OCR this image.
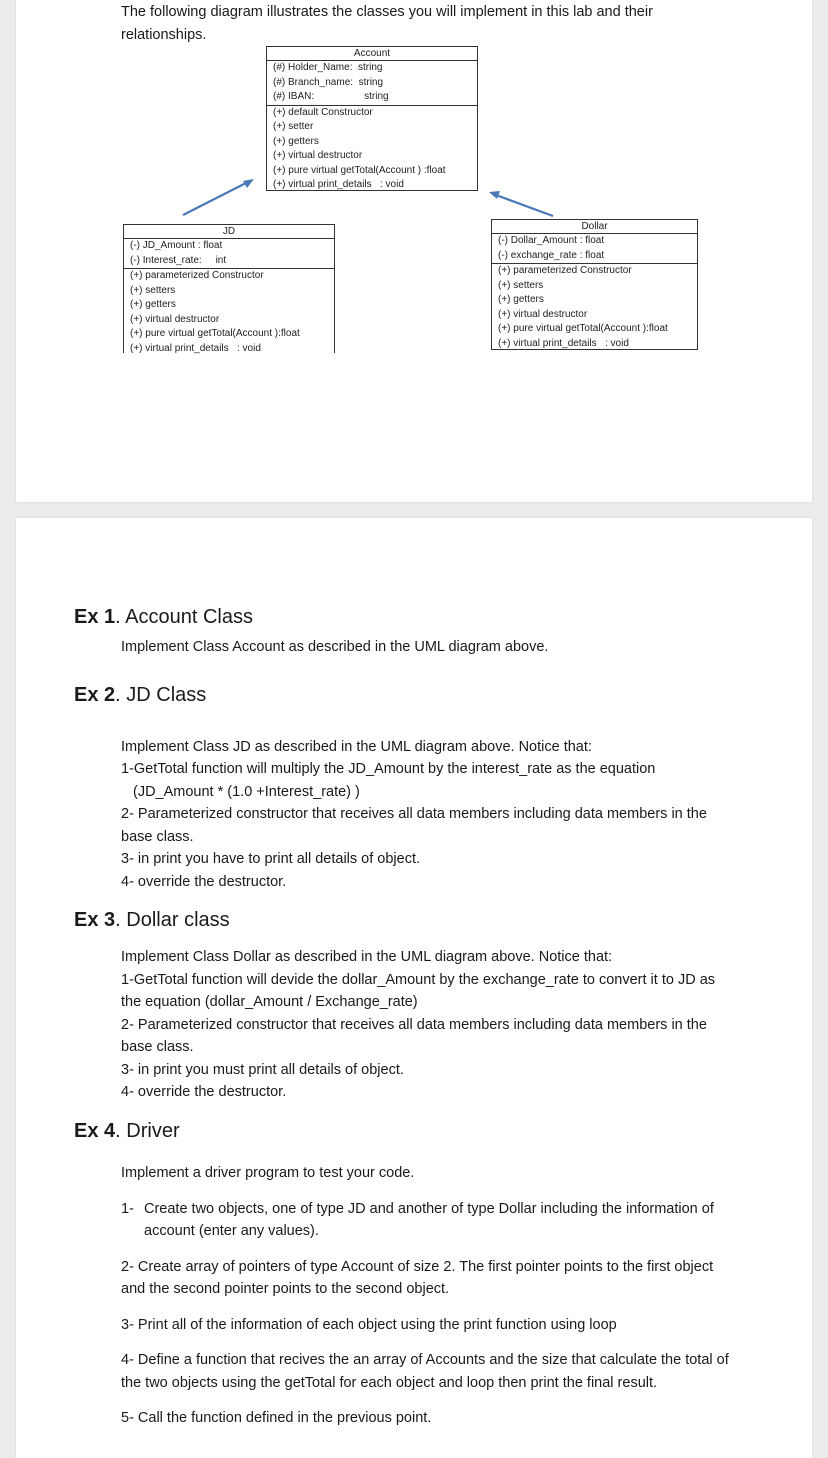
The following diagram illustrates the classes you will implement in this lab and their
relationships.
Account
(#) Holder_Name:  string
(#) Branch_name:  string
(#) IBAN:                  string
(+) default Constructor
(+) setter
(+) getters
(+) virtual destructor
(+) pure virtual getTotal(Account ) :float
(+) virtual print_details   : void
JD
(-) JD_Amount : float
(-) Interest_rate:     int
(+) parameterized Constructor
(+) setters
(+) getters
(+) virtual destructor
(+) pure virtual getTotal(Account ):float
(+) virtual print_details   : void
Dollar
(-) Dollar_Amount : float
(-) exchange_rate : float
(+) parameterized Constructor
(+) setters
(+) getters
(+) virtual destructor
(+) pure virtual getTotal(Account ):float
(+) virtual print_details   : void
Ex 1. Account Class
Implement Class Account as described in the UML diagram above.
Ex 2. JD Class
Implement Class JD as described in the UML diagram above. Notice that:
1-GetTotal function will multiply the JD_Amount by the interest_rate as the equation
(JD_Amount * (1.0 +Interest_rate) )
2- Parameterized constructor that receives all data members including data members in the
base class.
3- in print you have to print all details of object.
4- override the destructor.
Ex 3. Dollar class
Implement Class Dollar as described in the UML diagram above. Notice that:
1-GetTotal function will devide the dollar_Amount by the exchange_rate to convert it to JD as
the equation (dollar_Amount / Exchange_rate)
2- Parameterized constructor that receives all data members including data members in the
base class.
3- in print you must print all details of object.
4- override the destructor.
Ex 4. Driver
Implement a driver program to test your code.
1- Create two objects, one of type JD and another of type Dollar including the information of
account (enter any values).
2- Create array of pointers of type Account of size 2. The first pointer points to the first object
and the second pointer points to the second object.
3- Print all of the information of each object using the print function using loop
4- Define a function that recives the an array of Accounts and the size that calculate the total of
the two objects using the getTotal for each object and loop then print the final result.
5- Call the function defined in the previous point.
